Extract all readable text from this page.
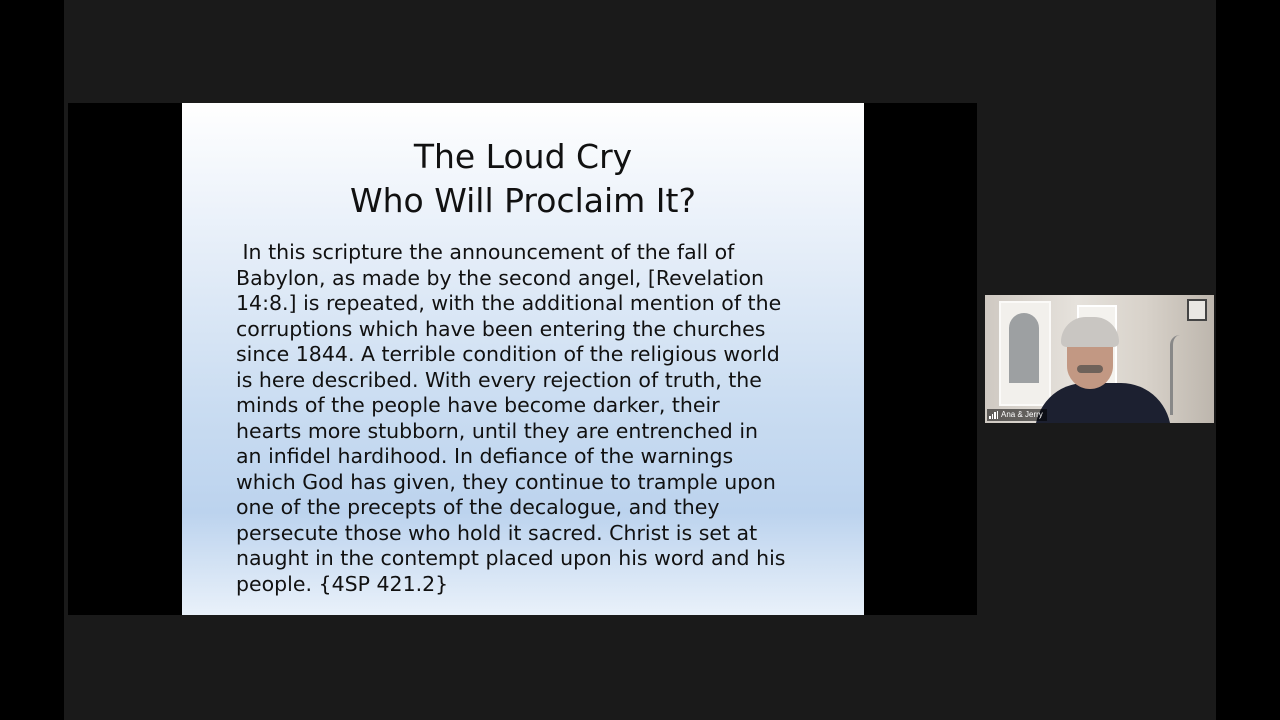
The Loud Cry
Who Will Proclaim It?
In this scripture the announcement of the fall of
Babylon, as made by the second angel, [Revelation
14:8.] is repeated, with the additional mention of the
corruptions which have been entering the churches
since 1844. A terrible condition of the religious world
is here described. With every rejection of truth, the
minds of the people have become darker, their
hearts more stubborn, until they are entrenched in
an infidel hardihood. In defiance of the warnings
which God has given, they continue to trample upon
one of the precepts of the decalogue, and they
persecute those who hold it sacred. Christ is set at
naught in the contempt placed upon his word and his
people. {4SP 421.2}
Ana & Jerry
